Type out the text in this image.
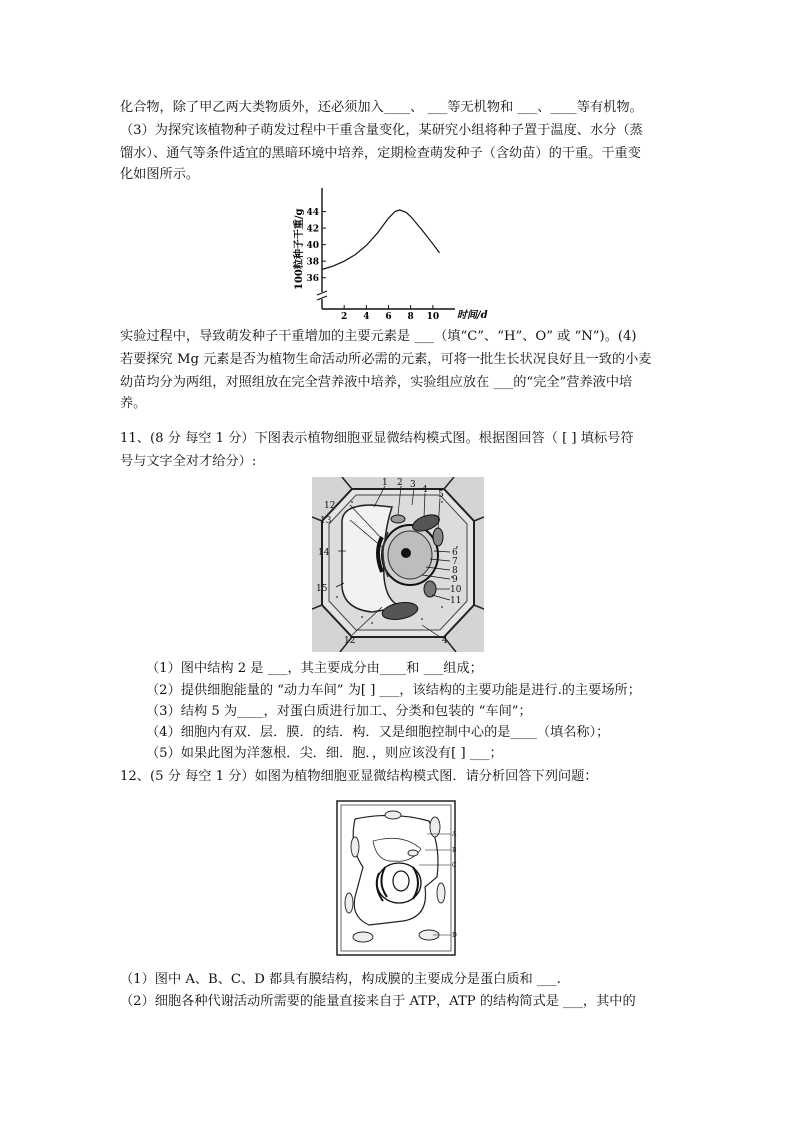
化合物，除了甲乙两大类物质外，还必须加入____、 ___等无机物和 ___、____等有机物。
（3）为探究该植物种子萌发过程中干重含量变化，某研究小组将种子置于温度、水分（蒸
馏水）、通气等条件适宜的黑暗环境中培养，定期检查萌发种子（含幼苗）的干重。干重变
化如图所示。
100粒种子干重/g
时间/d
36
38
40
42
44
2 4 6 8 10
实验过程中，导致萌发种子干重增加的主要元素是 ___（填“C”、“H”、O” 或 “N”)。(4)
若要探究 Mg 元素是否为植物生命活动所必需的元素，可将一批生长状况良好且一致的小麦
幼苗均分为两组，对照组放在完全营养液中培养，实验组应放在 ___的“完全”营养液中培
养。
11、(8 分 每空 1 分）下图表示植物细胞亚显微结构模式图。根据图回答（ [ ] 填标号符
号与文字全对才给分）:
1 2 3 4 5
6
7
8
9
10
11
12
13
14
15
12	4
（1）图中结构 2 是 ___，其主要成分由____和 ___组成；
（2）提供细胞能量的 “动力车间” 为[ ] ___，该结构的主要功能是进行.的主要场所；
（3）结构 5 为____，对蛋白质进行加工、分类和包装的 “车间”；
（4）细胞内有双．层．膜．的结．构．又是细胞控制中心的是____（填名称）；
（5）如果此图为洋葱根．尖．细．胞．，则应该没有[ ] ___；
12、(5 分 每空 1 分）如图为植物细胞亚显微结构模式图．请分析回答下列问题：
A
B
C
D
（1）图中 A、B、C、D 都具有膜结构，构成膜的主要成分是蛋白质和 ___.
（2）细胞各种代谢活动所需要的能量直接来自于 ATP，ATP 的结构简式是 ___，其中的
